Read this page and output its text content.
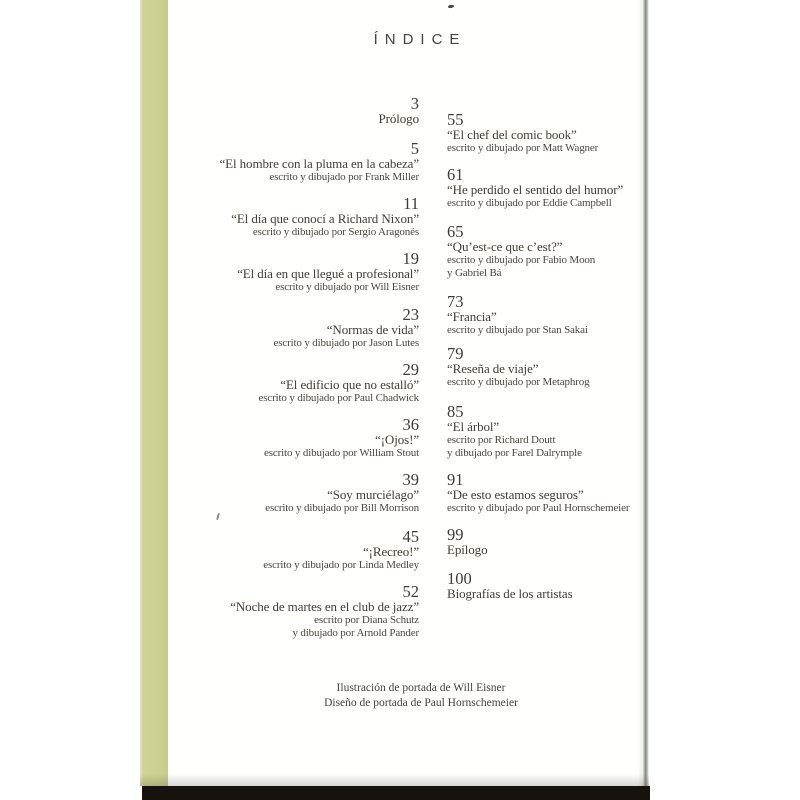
ÍNDICE
3
Prólogo
5
“El hombre con la pluma en la cabeza”
escrito y dibujado por Frank Miller
11
“El día que conocí a Richard Nixon”
escrito y dibujado por Sergio Aragonés
19
“El día en que llegué a profesional”
escrito y dibujado por Will Eisner
23
“Normas de vida”
escrito y dibujado por Jason Lutes
29
“El edificio que no estalló”
escrito y dibujado por Paul Chadwick
36
“¡Ojos!”
escrito y dibujado por William Stout
39
“Soy murciélago”
escrito y dibujado por Bill Morrison
45
“¡Recreo!”
escrito y dibujado por Linda Medley
52
“Noche de martes en el club de jazz”
escrito por Diana Schutz
y dibujado por Arnold Pander
55
“El chef del comic book”
escrito y dibujado por Matt Wagner
61
“He perdido el sentido del humor”
escrito y dibujado por Eddie Campbell
65
“Qu’est-ce que c’est?”
escrito y dibujado por Fabio Moon
y Gabriel Bá
73
“Francia”
escrito y dibujado por Stan Sakai
79
“Reseña de viaje”
escrito y dibujado por Metaphrog
85
“El árbol”
escrito por Richard Doutt
y dibujado por Farel Dalrymple
91
“De esto estamos seguros”
escrito y dibujado por Paul Hornschemeier
99
Epílogo
100
Biografías de los artistas
Ilustración de portada de Will Eisner
Diseño de portada de Paul Hornschemeier
